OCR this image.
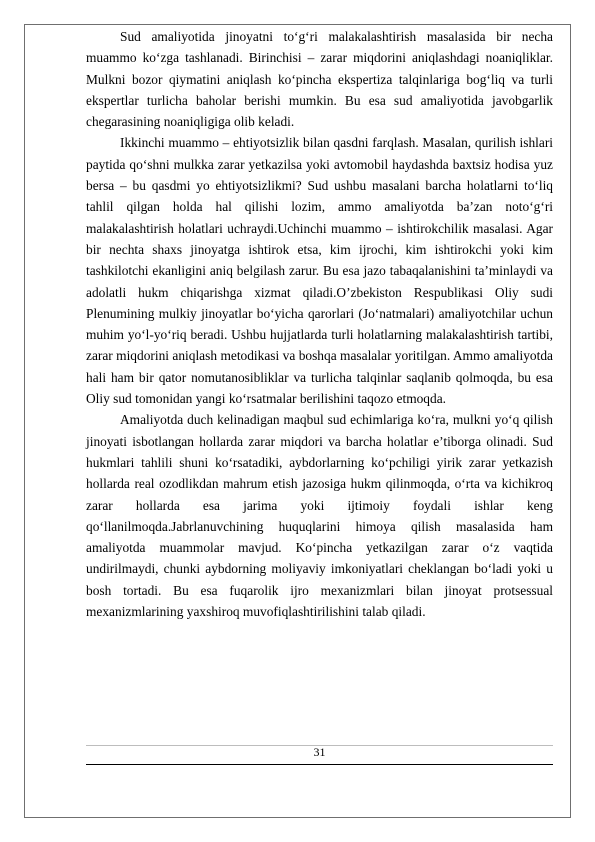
Sud amaliyotida jinoyatni to‘g‘ri malakalashtirish masalasida bir necha muammo ko‘zga tashlanadi. Birinchisi – zarar miqdorini aniqlashdagi noaniqliklar. Mulkni bozor qiymatini aniqlash ko‘pincha ekspertiza talqinlariga bog‘liq va turli ekspertlar turlicha baholar berishi mumkin. Bu esa sud amaliyotida javobgarlik chegarasining noaniqligiga olib keladi.

Ikkinchi muammo – ehtiyotsizlik bilan qasdni farqlash. Masalan, qurilish ishlari paytida qo‘shni mulkka zarar yetkazilsa yoki avtomobil haydashda baxtsiz hodisa yuz bersa – bu qasdmi yo ehtiyotsizlikmi? Sud ushbu masalani barcha holatlarni to‘liq tahlil qilgan holda hal qilishi lozim, ammo amaliyotda ba’zan noto‘g‘ri malakalashtirish holatlari uchraydi.Uchinchi muammo – ishtirokchilik masalasi. Agar bir nechta shaxs jinoyatga ishtirok etsa, kim ijrochi, kim ishtirokchi yoki kim tashkilotchi ekanligini aniq belgilash zarur. Bu esa jazo tabaqalanishini ta’minlaydi va adolatli hukm chiqarishga xizmat qiladi.O’zbekiston Respublikasi Oliy sudi Plenumining mulkiy jinoyatlar bo‘yicha qarorlari (Jo‘natmalari) amaliyotchilar uchun muhim yo‘l-yo‘riq beradi. Ushbu hujjatlarda turli holatlarning malakalashtirish tartibi, zarar miqdorini aniqlash metodikasi va boshqa masalalar yoritilgan. Ammo amaliyotda hali ham bir qator nomutanosibliklar va turlicha talqinlar saqlanib qolmoqda, bu esa Oliy sud tomonidan yangi ko‘rsatmalar berilishini taqozo etmoqda.

Amaliyotda duch kelinadigan maqbul sud echimlariga ko‘ra, mulkni yo‘q qilish jinoyati isbotlangan hollarda zarar miqdori va barcha holatlar e’tiborga olinadi. Sud hukmlari tahlili shuni ko‘rsatadiki, aybdorlarning ko‘pchiligi yirik zarar yetkazish hollarda real ozodlikdan mahrum etish jazosiga hukm qilinmoqda, o‘rta va kichikroq zarar hollarda esa jarima yoki ijtimoiy foydali ishlar keng qo‘llanilmoqda.Jabrlanuvchining huquqlarini himoya qilish masalasida ham amaliyotda muammolar mavjud. Ko‘pincha yetkazilgan zarar o‘z vaqtida undirilmaydi, chunki aybdorning moliyaviy imkoniyatlari cheklangan bo‘ladi yoki u bosh tortadi. Bu esa fuqarolik ijro mexanizmlari bilan jinoyat protsessual mexanizmlarining yaxshiroq muvofiqlashtirilishini talab qiladi.

31
